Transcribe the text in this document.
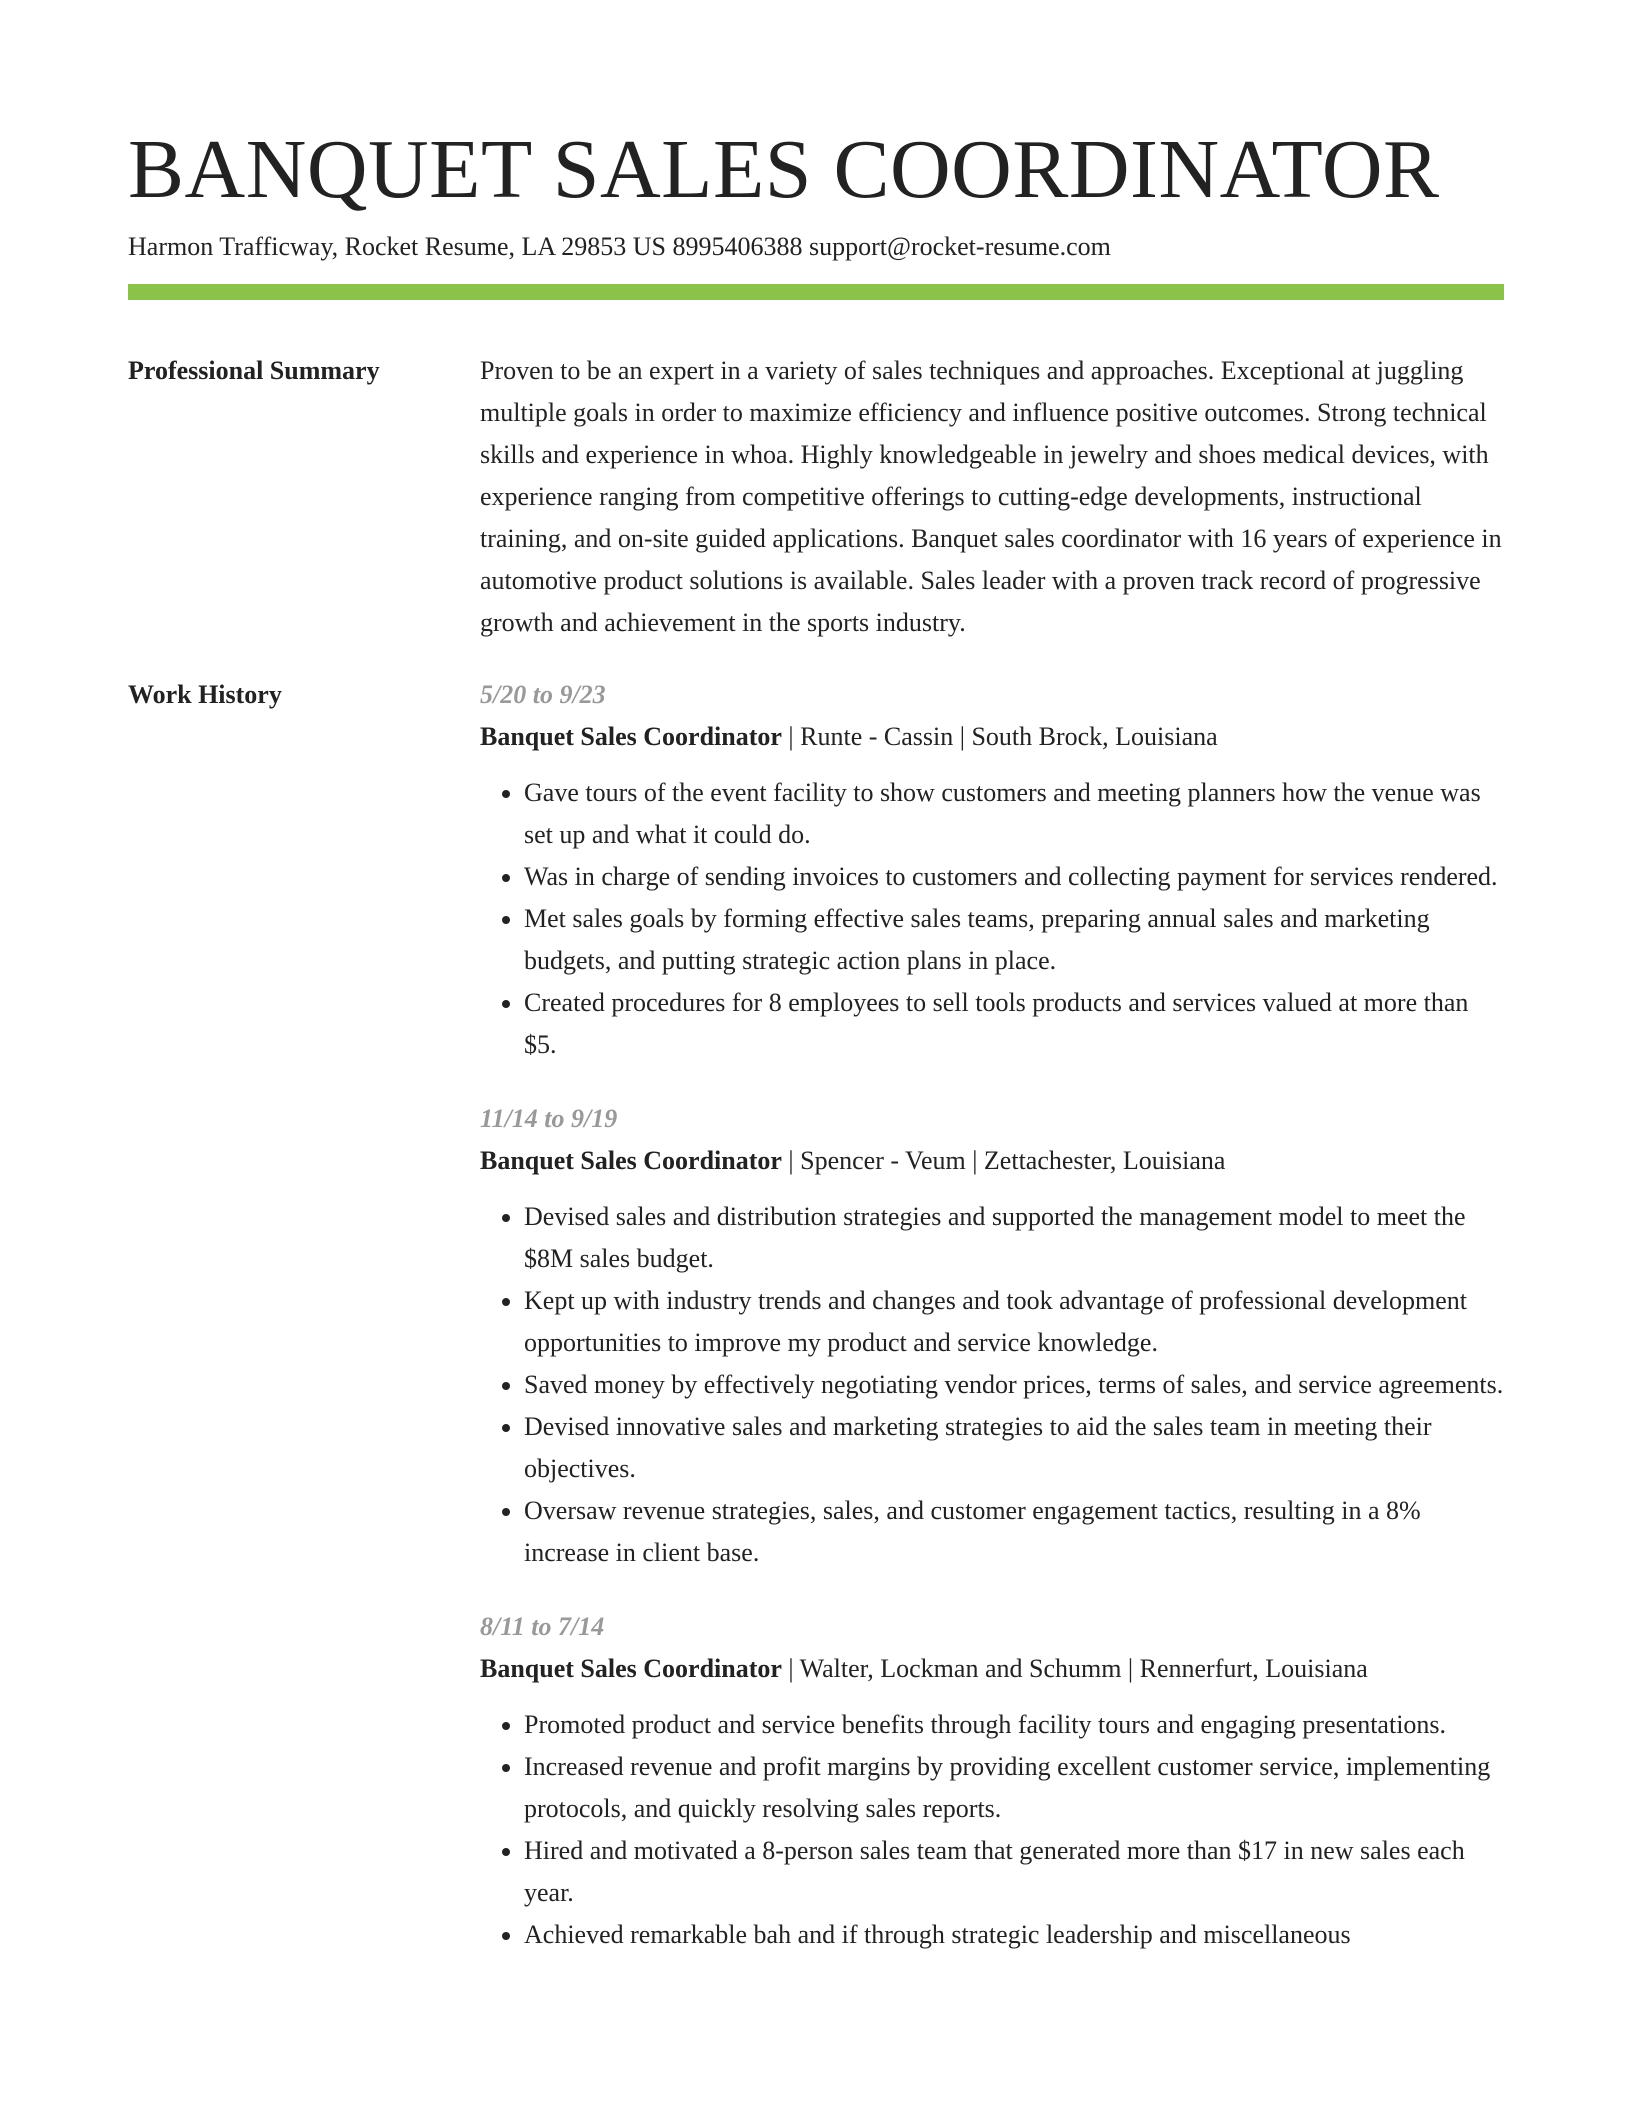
BANQUET SALES COORDINATOR
Harmon Trafficway, Rocket Resume, LA 29853 US 8995406388 support@rocket-resume.com
Professional Summary	Proven to be an expert in a variety of sales techniques and approaches. Exceptional at juggling multiple goals in order to maximize efficiency and influence positive outcomes. Strong technical skills and experience in whoa. Highly knowledgeable in jewelry and shoes medical devices, with experience ranging from competitive offerings to cutting-edge developments, instructional training, and on-site guided applications. Banquet sales coordinator with 16 years of experience in automotive product solutions is available. Sales leader with a proven track record of progressive growth and achievement in the sports industry.

Work History	5/20 to 9/23
Banquet Sales Coordinator | Runte - Cassin | South Brock, Louisiana
• Gave tours of the event facility to show customers and meeting planners how the venue was set up and what it could do.
• Was in charge of sending invoices to customers and collecting payment for services rendered.
• Met sales goals by forming effective sales teams, preparing annual sales and marketing budgets, and putting strategic action plans in place.
• Created procedures for 8 employees to sell tools products and services valued at more than $5.
11/14 to 9/19
Banquet Sales Coordinator | Spencer - Veum | Zettachester, Louisiana
• Devised sales and distribution strategies and supported the management model to meet the $8M sales budget.
• Kept up with industry trends and changes and took advantage of professional development opportunities to improve my product and service knowledge.
• Saved money by effectively negotiating vendor prices, terms of sales, and service agreements.
• Devised innovative sales and marketing strategies to aid the sales team in meeting their objectives.
• Oversaw revenue strategies, sales, and customer engagement tactics, resulting in a 8% increase in client base.
8/11 to 7/14
Banquet Sales Coordinator | Walter, Lockman and Schumm | Rennerfurt, Louisiana
• Promoted product and service benefits through facility tours and engaging presentations.
• Increased revenue and profit margins by providing excellent customer service, implementing protocols, and quickly resolving sales reports.
• Hired and motivated a 8-person sales team that generated more than $17 in new sales each year.
• Achieved remarkable bah and if through strategic leadership and miscellaneous
